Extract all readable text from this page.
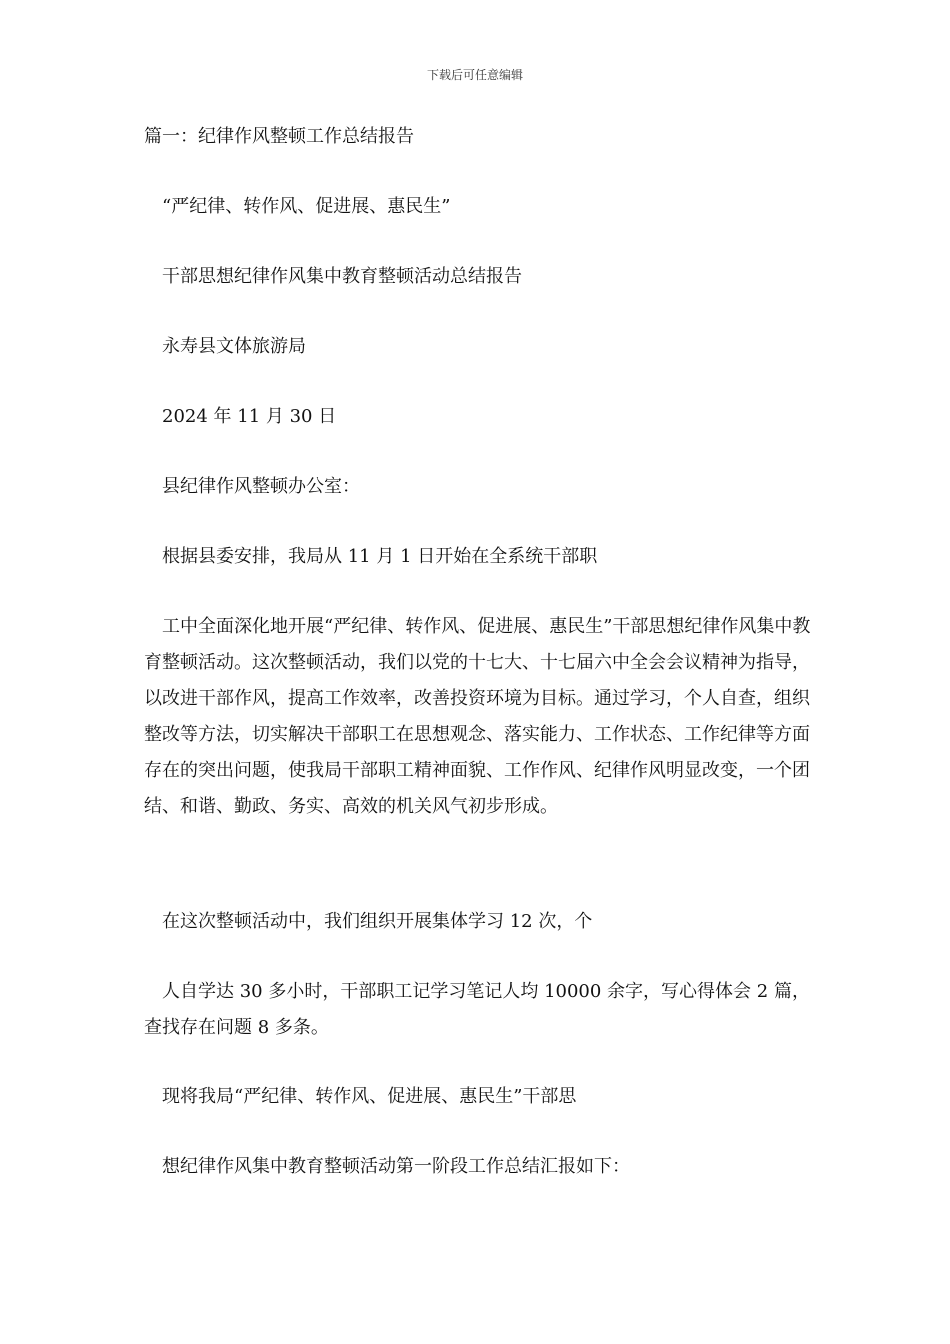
下载后可任意编辑

篇一：纪律作风整顿工作总结报告

“严纪律、转作风、促进展、惠民生”

干部思想纪律作风集中教育整顿活动总结报告

永寿县文体旅游局

2024 年 11 月 30 日

县纪律作风整顿办公室：

根据县委安排，我局从 11 月 1 日开始在全系统干部职

工中全面深化地开展“严纪律、转作风、促进展、惠民生”干部思想纪律作风集中教育整顿活动。这次整顿活动，我们以党的十七大、十七届六中全会会议精神为指导，以改进干部作风，提高工作效率，改善投资环境为目标。通过学习，个人自查，组织整改等方法，切实解决干部职工在思想观念、落实能力、工作状态、工作纪律等方面存在的突出问题，使我局干部职工精神面貌、工作作风、纪律作风明显改变，一个团结、和谐、勤政、务实、高效的机关风气初步形成。

在这次整顿活动中，我们组织开展集体学习 12 次，个

人自学达 30 多小时，干部职工记学习笔记人均 10000 余字，写心得体会 2 篇，查找存在问题 8 多条。

现将我局“严纪律、转作风、促进展、惠民生”干部思

想纪律作风集中教育整顿活动第一阶段工作总结汇报如下：
